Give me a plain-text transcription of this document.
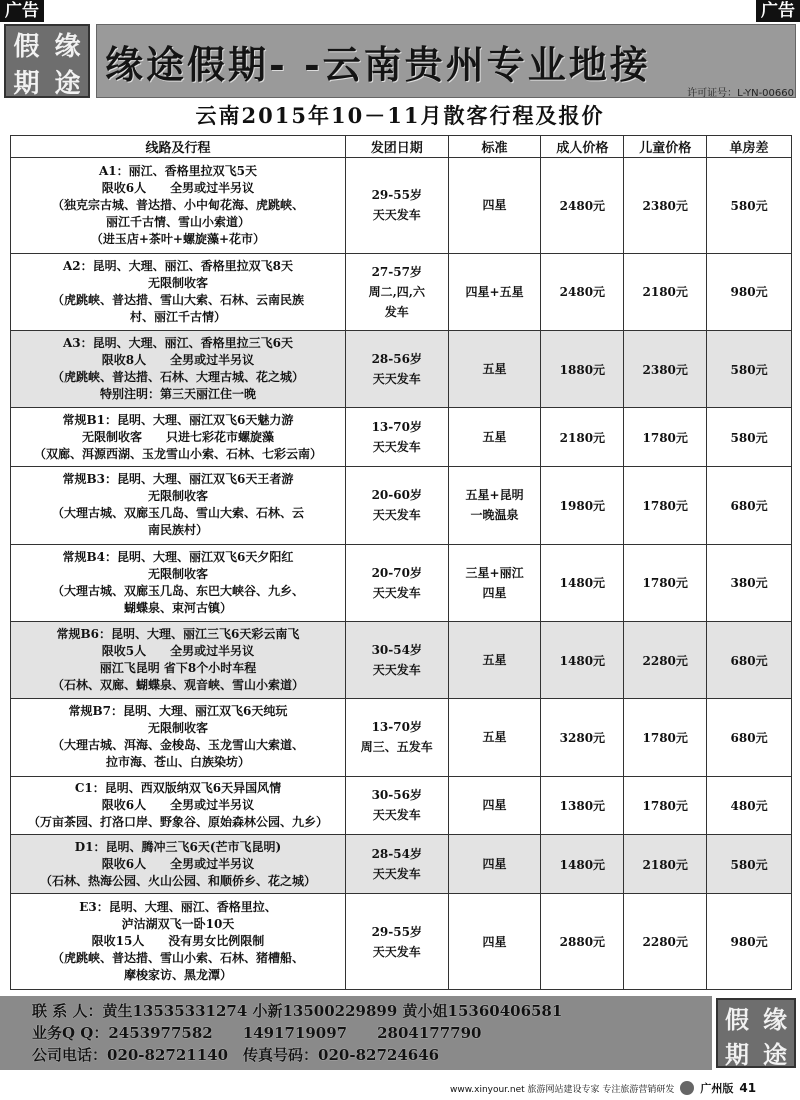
广告	广告
假 缘
期 途 缘途假期- -云南贵州专业地接
许可证号：L-YN-00660
云南2015年10－11月散客行程及报价
线路及行程	发团日期	标准	成人价格	儿童价格	单房差

A1：丽江、香格里拉双飞5天
限收6人　　全男或过半另议
（独克宗古城、普达措、小中甸花海、虎跳峡、
丽江千古情、雪山小索道）
（进玉店+茶叶+螺旋藻+花市）	29-55岁
天天发车	四星	2480元	2380元	580元

A2：昆明、大理、丽江、香格里拉双飞8天
无限制收客
（虎跳峡、普达措、雪山大索、石林、云南民族
村、丽江千古情）	27-57岁
周二,四,六
发车	四星+五星	2480元	2180元	980元

A3：昆明、大理、丽江、香格里拉三飞6天
限收8人　　全男或过半另议
（虎跳峡、普达措、石林、大理古城、花之城）
特别注明：第三天丽江住一晚	28-56岁
天天发车	五星	1880元	2380元	580元

常规B1：昆明、大理、丽江双飞6天魅力游
无限制收客　　只进七彩花市螺旋藻
（双廊、洱源西湖、玉龙雪山小索、石林、七彩云南）	13-70岁
天天发车	五星	2180元	1780元	580元

常规B3：昆明、大理、丽江双飞6天王者游
无限制收客
（大理古城、双廊玉几岛、雪山大索、石林、云
南民族村）	20-60岁
天天发车	五星+昆明
一晚温泉	1980元	1780元	680元

常规B4：昆明、大理、丽江双飞6天夕阳红
无限制收客
（大理古城、双廊玉几岛、东巴大峡谷、九乡、
蝴蝶泉、束河古镇）	20-70岁
天天发车	三星+丽江
四星	1480元	1780元	380元

常规B6：昆明、大理、丽江三飞6天彩云南飞
限收5人　　全男或过半另议
丽江飞昆明 省下8个小时车程
（石林、双廊、蝴蝶泉、观音峡、雪山小索道）	30-54岁
天天发车	五星	1480元	2280元	680元

常规B7：昆明、大理、丽江双飞6天纯玩
无限制收客
（大理古城、洱海、金梭岛、玉龙雪山大索道、
拉市海、苍山、白族染坊）	13-70岁
周三、五发车	五星	3280元	1780元	680元

C1：昆明、西双版纳双飞6天异国风情
限收6人　　全男或过半另议
（万亩茶园、打洛口岸、野象谷、原始森林公园、九乡）	30-56岁
天天发车	四星	1380元	1780元	480元

D1：昆明、腾冲三飞6天(芒市飞昆明)
限收6人　　全男或过半另议
（石林、热海公园、火山公园、和顺侨乡、花之城）	28-54岁
天天发车	四星	1480元	2180元	580元

E3：昆明、大理、丽江、香格里拉、
泸沽湖双飞一卧10天
限收15人　　没有男女比例限制
（虎跳峡、普达措、雪山小索、石林、猪槽船、
摩梭家访、黑龙潭）	29-55岁
天天发车	四星	2880元	2280元	980元
联 系 人：黄生13535331274 小新13500229899 黄小姐15360406581
业务Q Q：2453977582　　1491719097　　2804177790
公司电话：020-82721140　传真号码：020-82724646
假 缘
期 途
www.xinyour.net 旅游网站建设专家 专注旅游营销研发 广州版 41
